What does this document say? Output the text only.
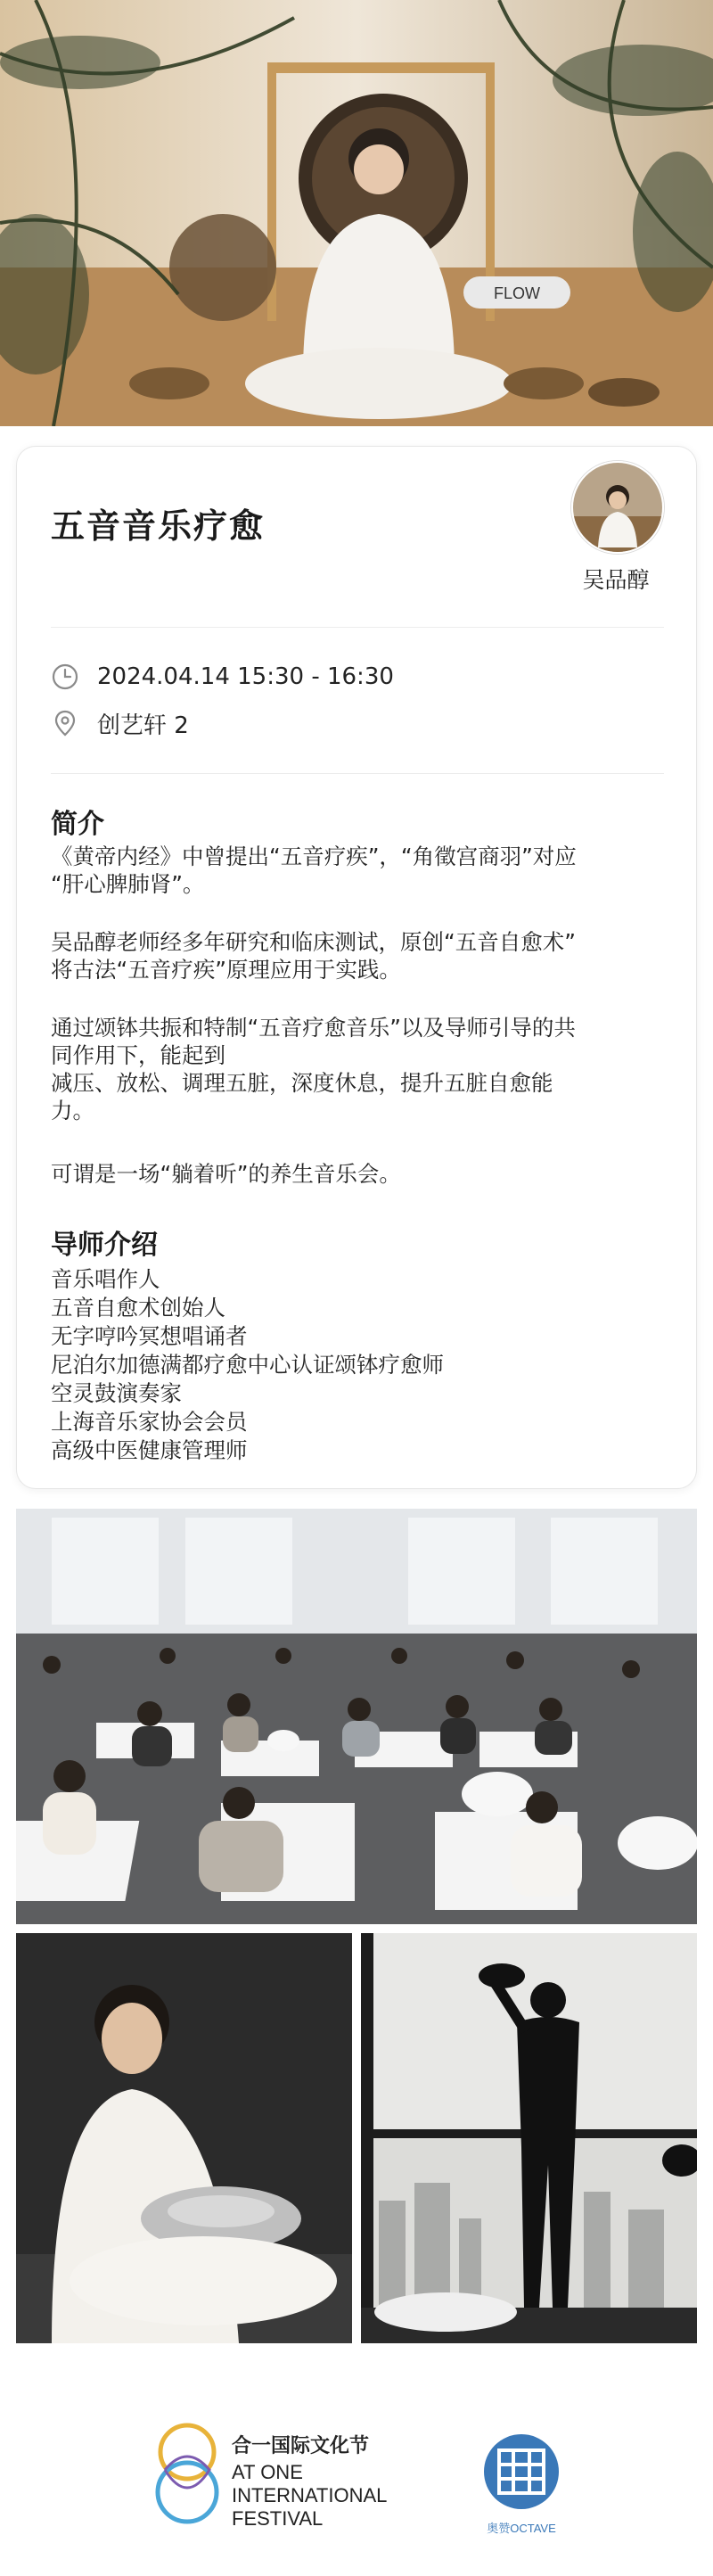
FLOW
五音音乐疗愈
吴品醇
2024.04.14 15:30 - 16:30
创艺轩 2
简介
《黄帝内经》中曾提出“五音疗疾”，“角徵宫商羽”对应
“肝心脾肺肾”。
吴品醇老师经多年研究和临床测试，原创“五音自愈术”
将古法“五音疗疾”原理应用于实践。
通过颂钵共振和特制“五音疗愈音乐”以及导师引导的共
同作用下，能起到
减压、放松、调理五脏，深度休息，提升五脏自愈能
力。
可谓是一场“躺着听”的养生音乐会。
导师介绍
音乐唱作人
五音自愈术创始人
无字哼吟冥想唱诵者
尼泊尔加德满都疗愈中心认证颂钵疗愈师
空灵鼓演奏家
上海音乐家协会会员
高级中医健康管理师
合一国际文化节
AT ONE
INTERNATIONAL
FESTIVAL	奥赞OCTAVE
